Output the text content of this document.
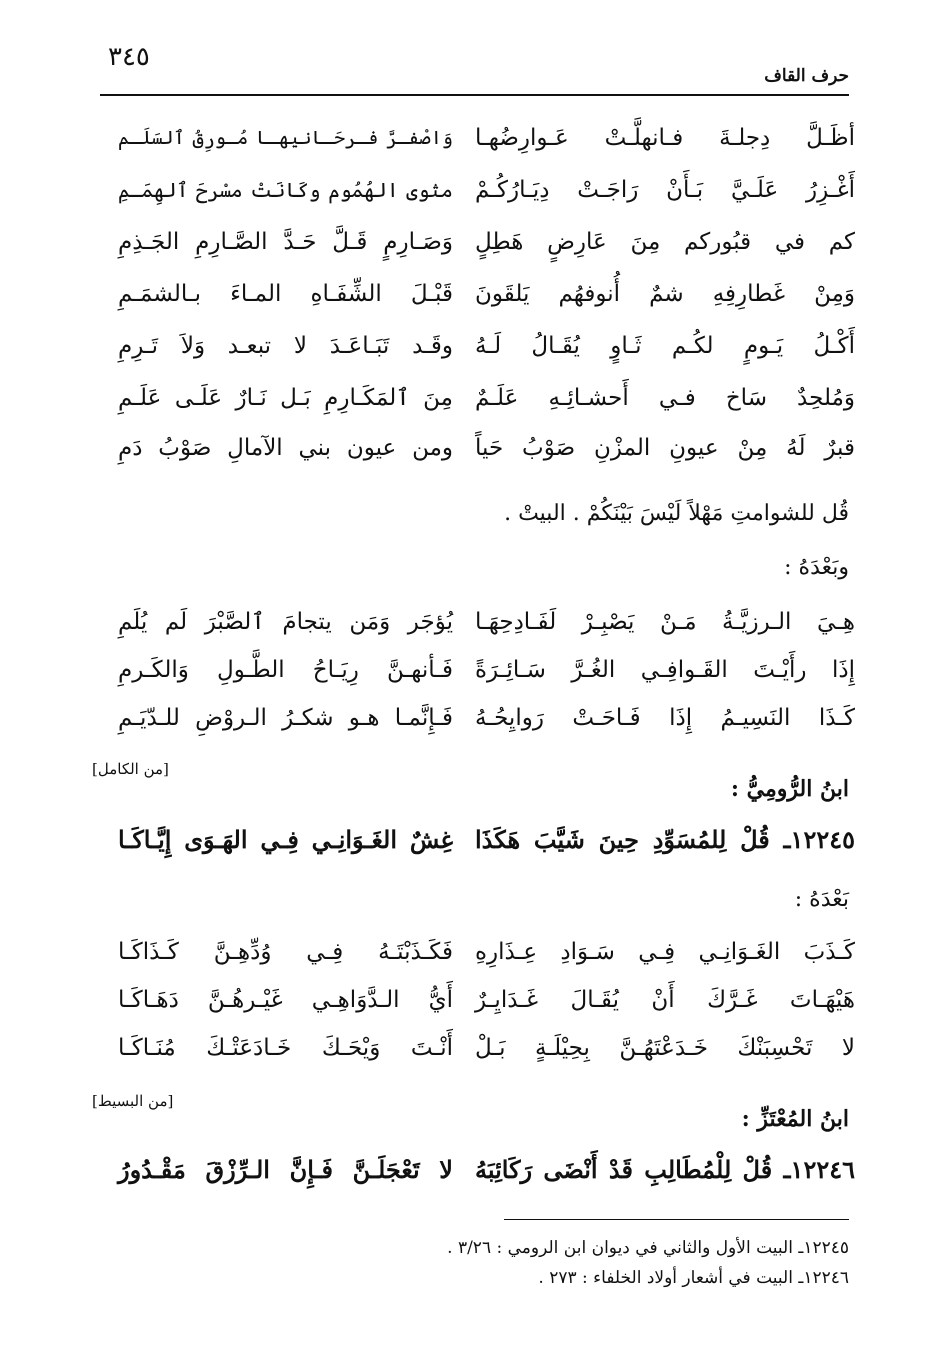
٣٤٥
حرف القاف
أظَـلَّ دِجلـةَ فـانهلَّـتْ عَـوارِضُهـا
وَاصْفـرَّ فـرحَـانيهـا مُـورِقُ ٱلسَلَـم
أَغْـزِرُ عَلَـيَّ بَـأَنْ رَاجَـتْ دِيَـارُكُـمْ
مثوى الهُمُوم وكَانَتْ مسْرحَ ٱلهِمَـمِ
كم في قبُوركم مِنَ عَارِضٍ هَطِلٍ
وَصَـارِمٍ قَـلَّ حَـدَّ الصَّـارِمِ الجَـذِمِ
وَمِنْ غَطارِفِهِ شمٌ أُنوفهُم يَلقَونَ
قَبْـلَ الشِّفَـاهِ المـاءَ بـالشمَـمِ
أَكْـلُ يَـومٍ لكُـم ثَـاوٍ يُقَـالُ لَـهُ
وقَـد تَبَـاعَـدَ لا تبعـد وَلاَ تَـرِمِ
وَمُلحِدٌ سَاخ فـي أَحشـائِـهِ عَلَـمٌ
مِنَ ٱلمَكَـارِمِ بَـل نَـارٌ عَلَـى عَلَـمِ
قبرٌ لَهُ مِنْ عيونِ المزْنِ صَوْبُ حَياً
ومن عيون بني الآمالِ صَوْبُ دَمِ
قُل للشوامتِ مَهْلاً لَيْسَ بَيْنَكُمْ . البيتْ .
وبَعْدَهُ :
هِـيَ الـرزيَّـةُ مَـنْ يَصْبِـرْ لَفَـادِحِهَـا
يُؤجَر وَمَن يتجامَ ٱلصَّبْرَ لَم يُلَمِ
إِذَا رأَيْـتَ القَـوافِـي الغُـرَّ سَـائِـرَةً
فَـأنهـنَّ رِيَـاحُ الطَّـولِ وَالكَـرمِ
كَـذَا النَسِيـمُ إِذَا فَـاحَـتْ رَوايِحُـهُ
فَـإِنَّمـا هـو شكـرُ الـروْضِ للـدّيَـمِ
[من الكامل]
ابنُ الرُّومِيُّ :
١٢٢٤٥ـ قُلْ لِلمُسَوِّدِ حِينَ شَيَّبَ هَكَذَا
غِشٌ الغَـوَانِـي فِـي الهَـوَى إِيَّـاكَـا
بَعْدَهُ :
كَـذَبَ الغَـوَانِـي فِـي سَـوَادِ عِـذَارِهِ
فَكَـذَبْتَـهُ فِـي وُدِّهِـنَّ كَـذَاكَـا
هَيْهَـاتَ غَـرَّكَ أَنْ يُقَـالَ غَـدَايِـرٌ
أَيُّ الـدَّوَاهِـي غَيْـرهُـنَّ دَهَـاكَـا
لا تَحْسِبَنْكَ خَـدَعْتَهُـنَّ بِحِيْلَـةٍ بَـلْ
أَنْـتَ وَيْحَـكَ خَـادَعَتْـكَ مُنَـاكَـا
[من البسيط]
ابنُ المُعْتَزِّ :
١٢٢٤٦ـ قُلْ لِلْمُطَالِبِ قَدْ أَنْضَى رَكَائِبَهُ
لا تَعْجَلَـنَّ فَـإِنَّ الـرِّزْقَ مَقْـدُورُ
١٢٢٤٥ـ البيت الأول والثاني في ديوان ابن الرومي : ٣/٢٦ .
١٢٢٤٦ـ البيت في أشعار أولاد الخلفاء : ٢٧٣ .
